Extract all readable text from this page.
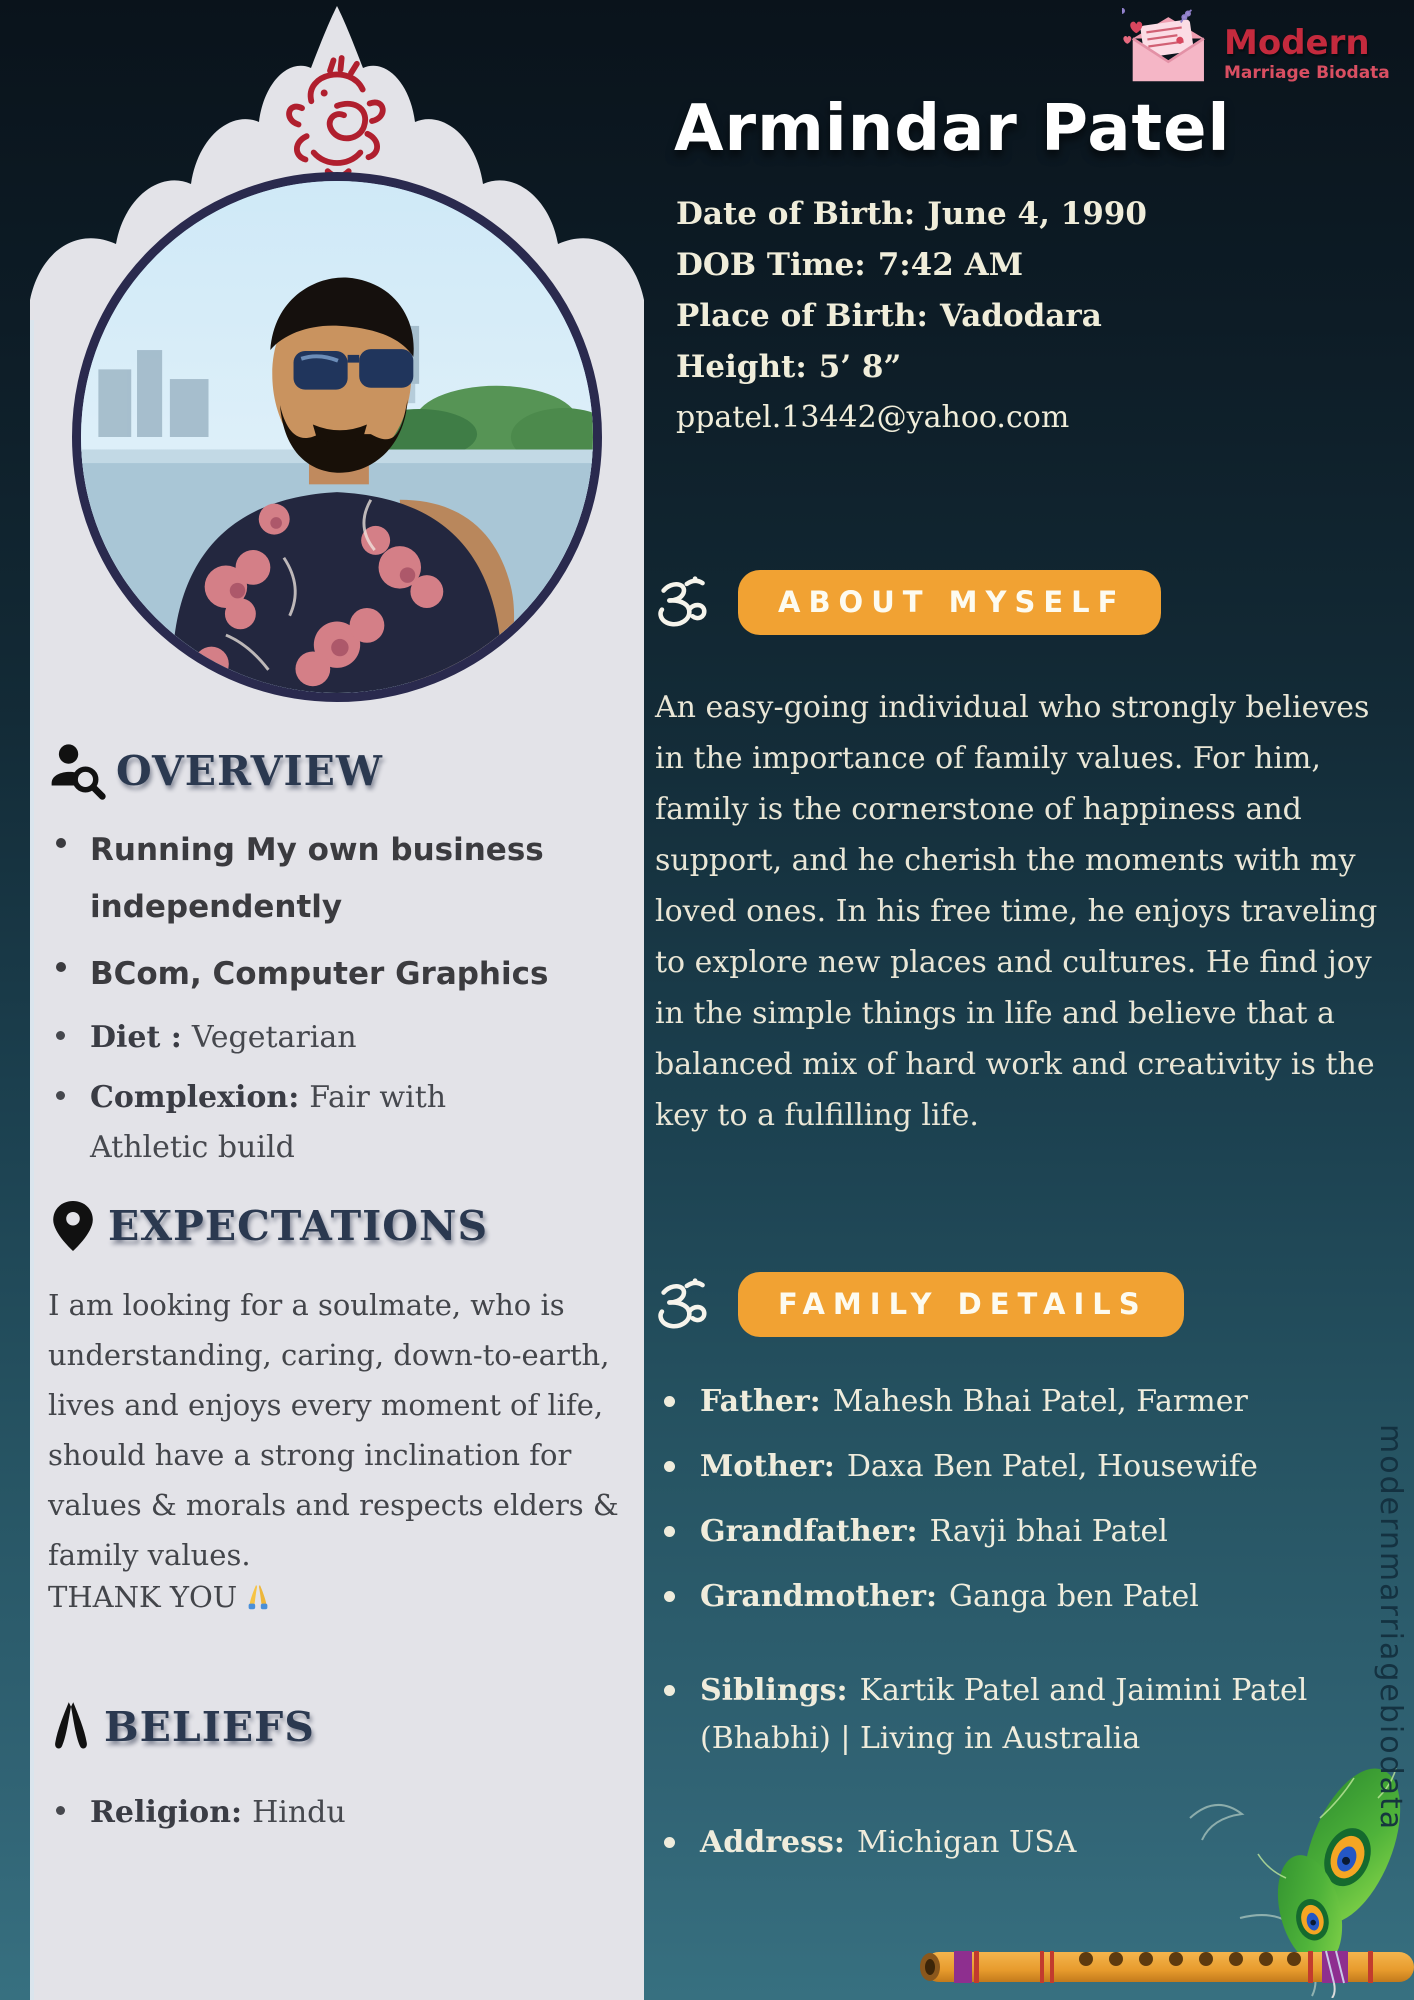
Modern
Marriage Biodata
Armindar Patel
Date of Birth: June 4, 1990
DOB Time: 7:42 AM
Place of Birth: Vadodara
Height: 5’ 8”
ppatel.13442@yahoo.com
ABOUT MYSELF
An easy-going individual who strongly believes in the importance of family values. For him, family is the cornerstone of happiness and support, and he cherish the moments with my loved ones. In his free time, he enjoys traveling to explore new places and cultures. He find joy in the simple things in life and believe that a balanced mix of hard work and creativity is the key to a fulfilling life.
FAMILY DETAILS
Father: Mahesh Bhai Patel, Farmer
Mother: Daxa Ben Patel, Housewife
Grandfather: Ravji bhai Patel
Grandmother: Ganga ben Patel
Siblings: Kartik Patel and Jaimini Patel (Bhabhi) | Living in Australia
Address: Michigan USA
OVERVIEW
Running My own business independently
BCom, Computer Graphics
Diet : Vegetarian
Complexion: Fair with Athletic build
EXPECTATIONS
I am looking for a soulmate, who is understanding, caring, down-to-earth, lives and enjoys every moment of life, should have a strong inclination for values & morals and respects elders & family values.
THANK YOU
BELIEFS
Religion: Hindu	modernmarriagebiodata
